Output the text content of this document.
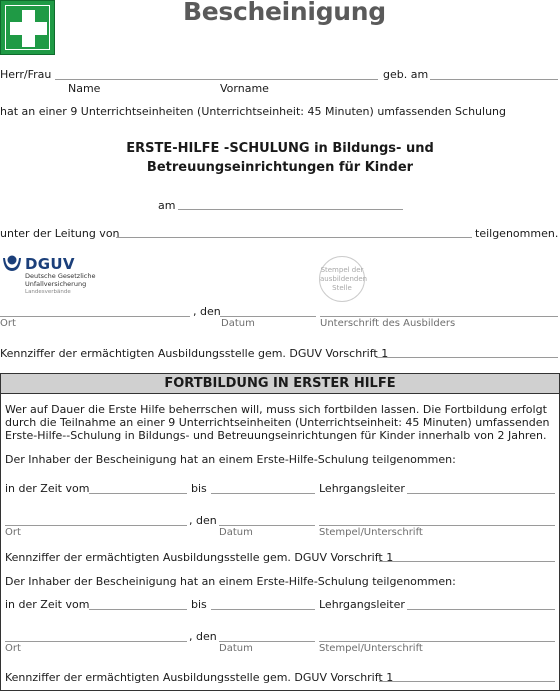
Bescheinigung
Herr/Frau	geb. am
Name	Vorname
hat an einer 9 Unterrichtseinheiten (Unterrichtseinheit: 45 Minuten) umfassenden Schulung
ERSTE-HILFE -SCHULUNG in Bildungs- und
Betreuungseinrichtungen für Kinder
am
unter der Leitung von	teilgenommen.
DGUV
Deutsche Gesetzliche
Unfallversicherung
Landesverbände
Stempel der
ausbildenden
Stelle
, den
Ort	Datum	Unterschrift des Ausbilders
Kennziffer der ermächtigten Ausbildungsstelle gem. DGUV Vorschrift 1
FORTBILDUNG IN ERSTER HILFE
Wer auf Dauer die Erste Hilfe beherrschen will, muss sich fortbilden lassen. Die Fortbildung erfolgt durch die Teilnahme an einer 9 Unterrichtseinheiten (Unterrichtseinheit: 45 Minuten) umfassenden Erste-Hilfe--Schulung in Bildungs- und Betreuungseinrichtungen für Kinder innerhalb von 2 Jahren.
Der Inhaber der Bescheinigung hat an einem Erste-Hilfe-Schulung teilgenommen:
in der Zeit vom	bis	Lehrgangsleiter
, den
Ort	Datum	Stempel/Unterschrift
Kennziffer der ermächtigten Ausbildungsstelle gem. DGUV Vorschrift 1
Der Inhaber der Bescheinigung hat an einem Erste-Hilfe-Schulung teilgenommen:
in der Zeit vom	bis	Lehrgangsleiter
, den
Ort	Datum	Stempel/Unterschrift
Kennziffer der ermächtigten Ausbildungsstelle gem. DGUV Vorschrift 1
